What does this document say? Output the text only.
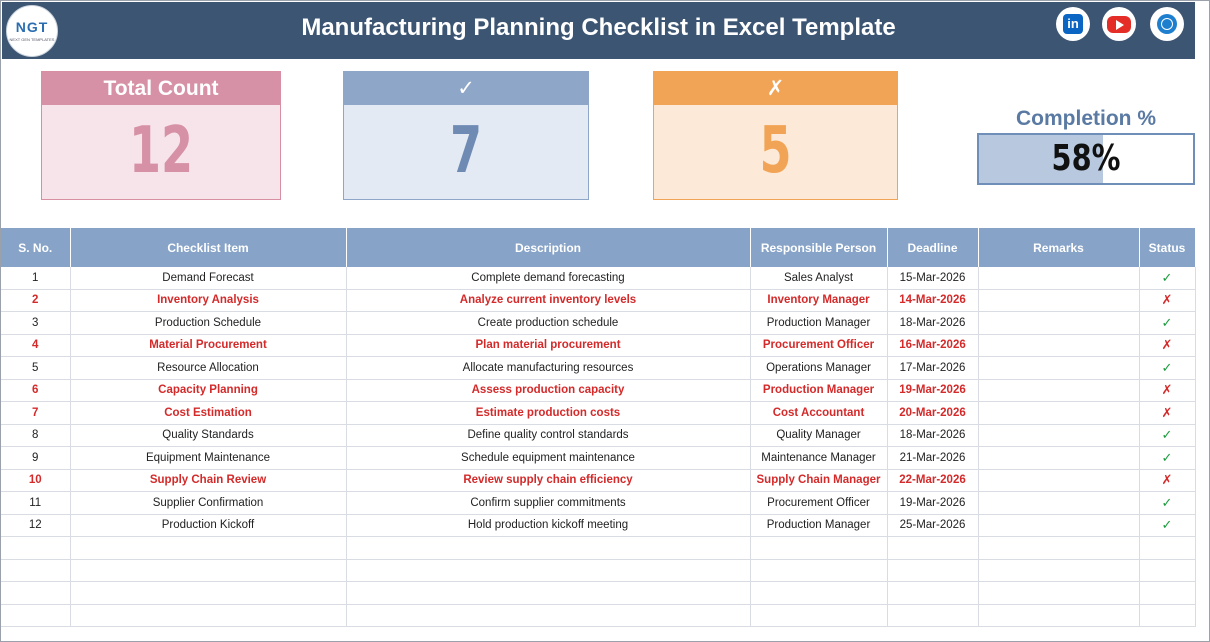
NGT
NEXT GEN TEMPLATES	Manufacturing Planning Checklist in Excel Template	in
Total Count
12
✓
7
✗
5	Completion %
58%
S. No.	Checklist Item	Description	Responsible Person	Deadline	Remarks	Status
1	Demand Forecast	Complete demand forecasting	Sales Analyst	15-Mar-2026		✓
2	Inventory Analysis	Analyze current inventory levels	Inventory Manager	14-Mar-2026		✗
3	Production Schedule	Create production schedule	Production Manager	18-Mar-2026		✓
4	Material Procurement	Plan material procurement	Procurement Officer	16-Mar-2026		✗
5	Resource Allocation	Allocate manufacturing resources	Operations Manager	17-Mar-2026		✓
6	Capacity Planning	Assess production capacity	Production Manager	19-Mar-2026		✗
7	Cost Estimation	Estimate production costs	Cost Accountant	20-Mar-2026		✗
8	Quality Standards	Define quality control standards	Quality Manager	18-Mar-2026		✓
9	Equipment Maintenance	Schedule equipment maintenance	Maintenance Manager	21-Mar-2026		✓
10	Supply Chain Review	Review supply chain efficiency	Supply Chain Manager	22-Mar-2026		✗
11	Supplier Confirmation	Confirm supplier commitments	Procurement Officer	19-Mar-2026		✓
12	Production Kickoff	Hold production kickoff meeting	Production Manager	25-Mar-2026		✓
